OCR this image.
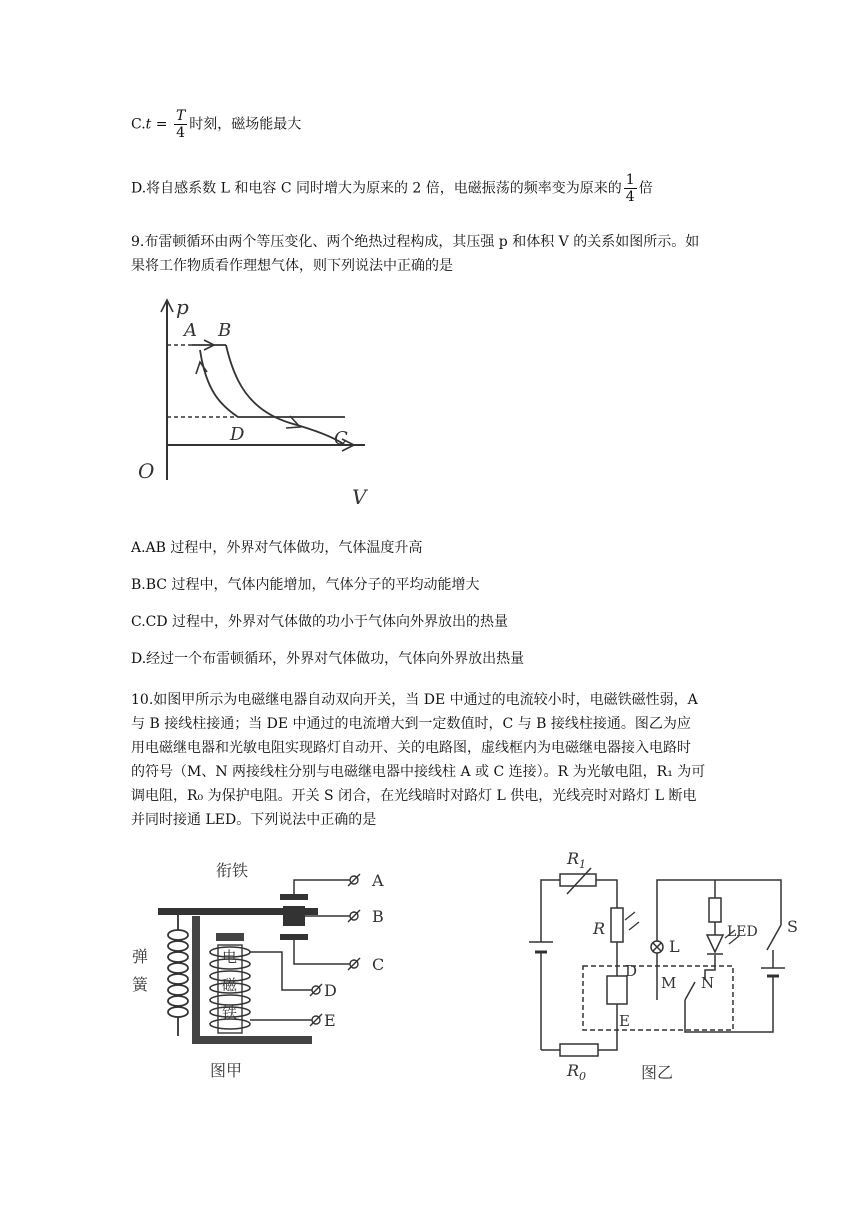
$C.t = \frac{T}{4}$ 时刻，磁场能最大
D.将自感系数 L 和电容 C 同时增大为原来的 2 倍，电磁振荡的频率变为原来的 $\frac{1}{4}$ 倍
9.布雷顿循环由两个等压变化、两个绝热过程构成，其压强 p 和体积 V 的关系如图所示。如
果将工作物质看作理想气体，则下列说法中正确的是
p
V
O
A B
D	C
A.AB 过程中，外界对气体做功，气体温度升高
B.BC 过程中，气体内能增加，气体分子的平均动能增大
C.CD 过程中，外界对气体做的功小于气体向外界放出的热量
D.经过一个布雷顿循环，外界对气体做功，气体向外界放出热量
10.如图甲所示为电磁继电器自动双向开关，当 DE 中通过的电流较小时，电磁铁磁性弱，A
与 B 接线柱接通；当 DE 中通过的电流增大到一定数值时，C 与 B 接线柱接通。图乙为应
用电磁继电器和光敏电阻实现路灯自动开、关的电路图，虚线框内为电磁继电器接入电路时
的符号（M、N 两接线柱分别与电磁继电器中接线柱 A 或 C 连接）。R 为光敏电阻，R₁ 为可
调电阻，R₀ 为保护电阻。开关 S 闭合，在光线暗时对路灯 L 供电，光线亮时对路灯 L 断电
并同时接通 LED。下列说法中正确的是
衔铁
弹
簧
电
磁
铁
A
B
C
D
E
图甲
$R_1$
R
L
LED S
D
M N
E
$R_0$	图乙
